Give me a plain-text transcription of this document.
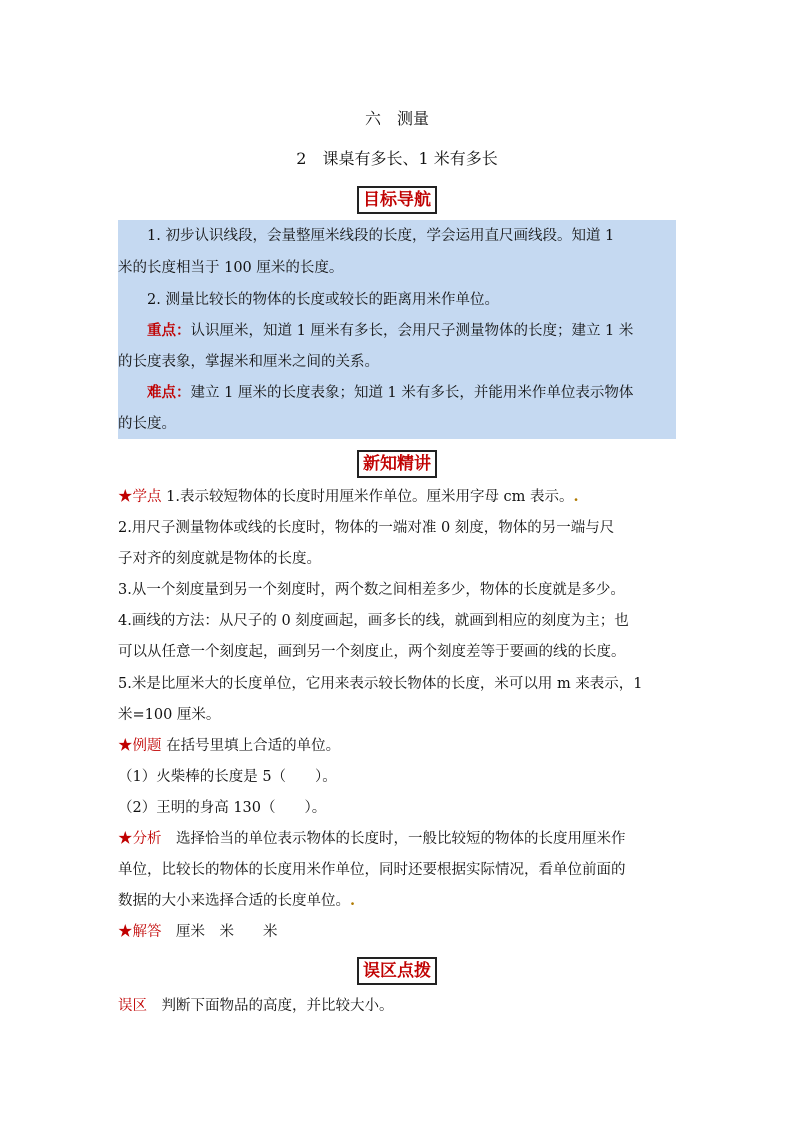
六　测量
2　课桌有多长、1 米有多长
目标导航
1. 初步认识线段，会量整厘米线段的长度，学会运用直尺画线段。知道 1
米的长度相当于 100 厘米的长度。
2. 测量比较长的物体的长度或较长的距离用米作单位。
重点：认识厘米，知道 1 厘米有多长，会用尺子测量物体的长度；建立 1 米
的长度表象，掌握米和厘米之间的关系。
难点：建立 1 厘米的长度表象；知道 1 米有多长，并能用米作单位表示物体
的长度。
新知精讲
★学点 1.表示较短物体的长度时用厘米作单位。厘米用字母 cm 表示。.
2.用尺子测量物体或线的长度时，物体的一端对准 0 刻度，物体的另一端与尺
子对齐的刻度就是物体的长度。
3.从一个刻度量到另一个刻度时，两个数之间相差多少，物体的长度就是多少。
4.画线的方法：从尺子的 0 刻度画起，画多长的线，就画到相应的刻度为主；也
可以从任意一个刻度起，画到另一个刻度止，两个刻度差等于要画的线的长度。
5.米是比厘米大的长度单位，它用来表示较长物体的长度，米可以用 m 来表示，1
米=100 厘米。
★例题 在括号里填上合适的单位。
（1）火柴棒的长度是 5（　　）。
（2）王明的身高 130（　　）。
★分析　选择恰当的单位表示物体的长度时，一般比较短的物体的长度用厘米作
单位，比较长的物体的长度用米作单位，同时还要根据实际情况，看单位前面的
数据的大小来选择合适的长度单位。.
★解答　厘米　米　　米
误区点拨
误区　判断下面物品的高度，并比较大小。
